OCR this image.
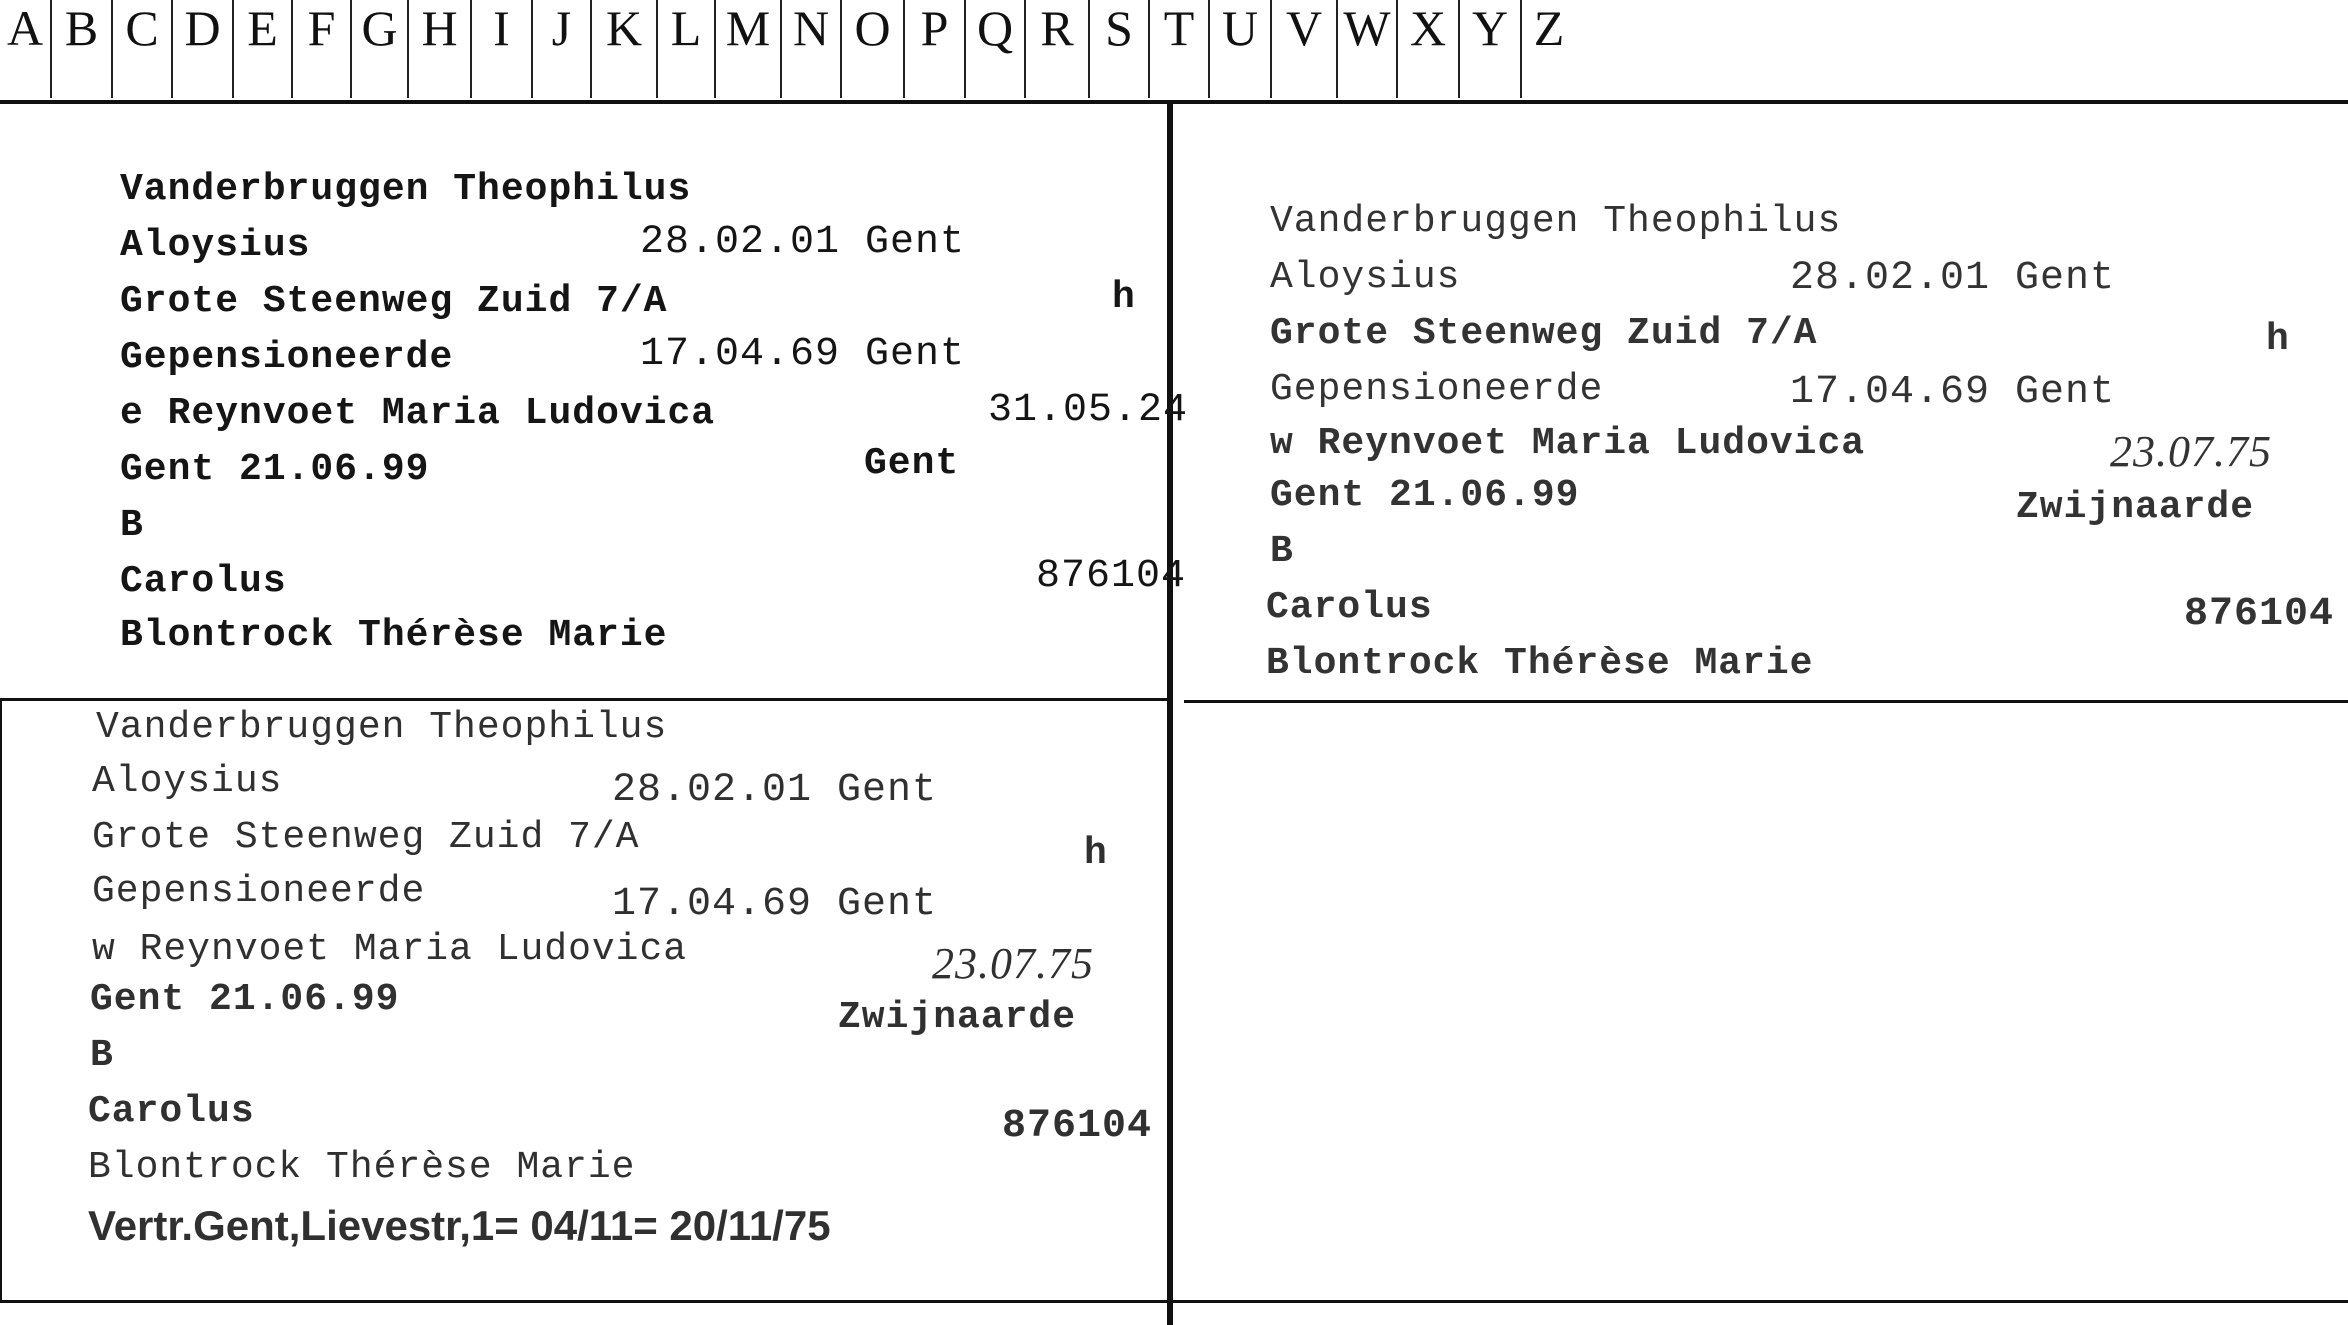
A B C D E F G H I J K L M N O P Q R S T U V W X Y Z
Vanderbruggen Theophilus
Aloysius	28.02.01 Gent
Grote Steenweg Zuid 7/A	h
Gepensioneerde	17.04.69 Gent
e Reynvoet Maria Ludovica	31.05.24
Gent 21.06.99	Gent
B
Carolus	876104
Blontrock Thérèse Marie
Vanderbruggen Theophilus
Aloysius	28.02.01 Gent
Grote Steenweg Zuid 7/A	h
Gepensioneerde	17.04.69 Gent
w Reynvoet Maria Ludovica	23.07.75
Gent 21.06.99	Zwijnaarde
B
Carolus	876104
Blontrock Thérèse Marie
Vanderbruggen Theophilus
Aloysius	28.02.01 Gent
Grote Steenweg Zuid 7/A	h
Gepensioneerde	17.04.69 Gent
w Reynvoet Maria Ludovica	23.07.75
Gent 21.06.99	Zwijnaarde
B
Carolus	876104
Blontrock Thérèse Marie
Vertr.Gent,Lievestr,1= 04/11= 20/11/75
